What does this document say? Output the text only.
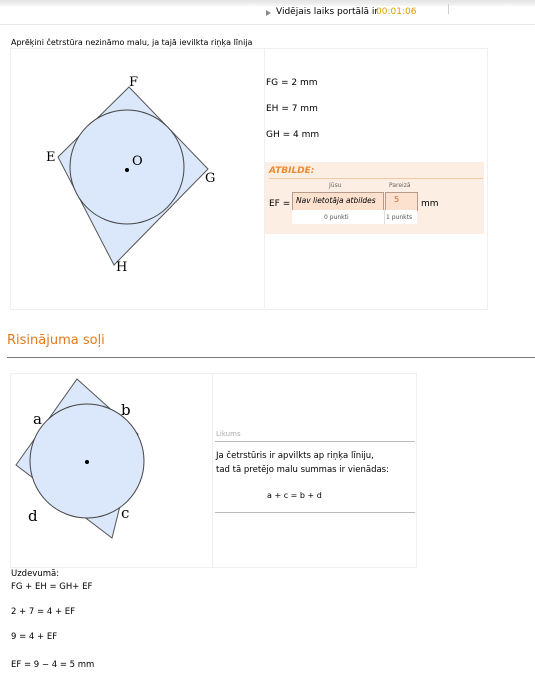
Vidējais laiks portālā ir
00:01:06
Aprēķini četrstūra nezināmo malu, ja tajā ievilkta riņķa līnija
F
E	O
G
H
a	b
c
d
FG = 2 mm
EH = 7 mm
GH = 4 mm
ATBILDE:
Jūsu	Pareizā
EF = Nav lietotāja atbildes 5 mm
0 punkti	1 punkts
Risinājuma soļi
Likums
Ja četrstūris ir apvilkts ap riņķa līniju,
tad tā pretējo malu summas ir vienādas:
a + c = b + d
Uzdevumā:
FG + EH = GH+ EF
2 + 7 = 4 + EF
9 = 4 + EF
EF = 9 − 4 = 5 mm
